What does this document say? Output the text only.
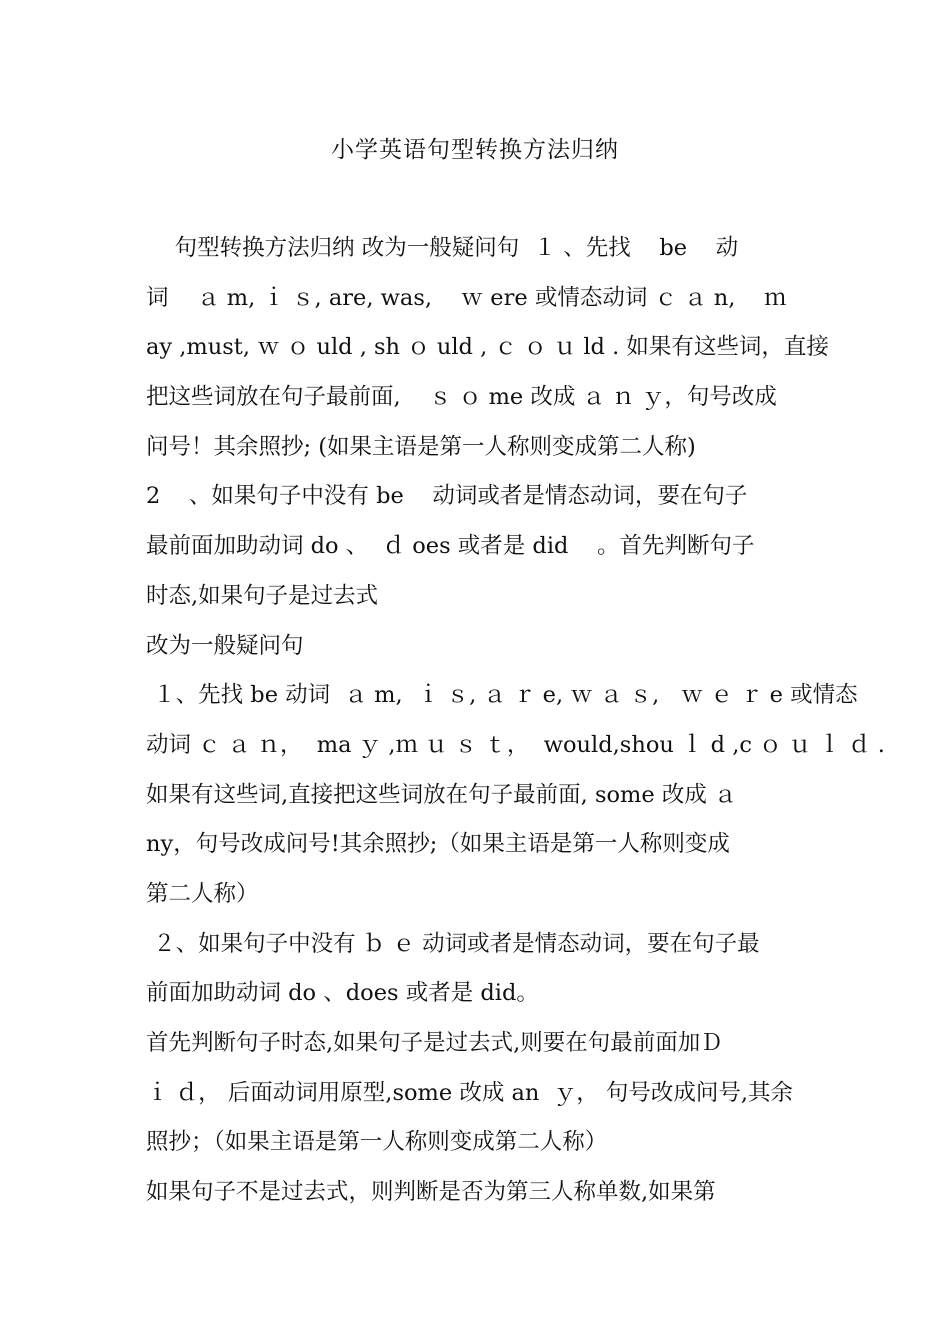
小学英语句型转换方法归纳
句型转换方法归纳 改为一般疑问句  １ 、先找    be    动
词    ａ m, ｉ ｓ, are, was,    ｗ ere 或情态动词 ｃ ａ n,    ｍ
ay ,must, ｗ ｏ uld , sh ｏ uld , ｃ ｏ ｕ ld . 如果有这些词，直接
把这些词放在句子最前面,    ｓ ｏ me 改成 ａ ｎ ｙ，句号改成
问号！其余照抄; (如果主语是第一人称则变成第二人称)
2    、如果句子中没有 be    动词或者是情态动词，要在句子
最前面加助动词 do 、  ｄ oes 或者是 did    。首先判断句子
时态,如果句子是过去式
改为一般疑问句
１、先找 be 动词  ａ m,  ｉ ｓ, ａ ｒ e, ｗ ａ ｓ,   ｗ ｅ ｒ e 或情态
动词 ｃ ａ ｎ，  ma ｙ ,ｍ ｕ ｓ ｔ，  would,shou ｌ d ,c ｏ ｕ ｌ ｄ .
如果有这些词,直接把这些词放在句子最前面, some 改成 ａ
ny，句号改成问号!其余照抄;（如果主语是第一人称则变成
第二人称）
２、如果句子中没有 ｂ ｅ 动词或者是情态动词，要在句子最
前面加助动词 do 、does 或者是 did。
首先判断句子时态,如果句子是过去式,则要在句最前面加Ｄ
ｉ ｄ， 后面动词用原型,some 改成 an  ｙ， 句号改成问号,其余
照抄；（如果主语是第一人称则变成第二人称）
如果句子不是过去式，则判断是否为第三人称单数,如果第
